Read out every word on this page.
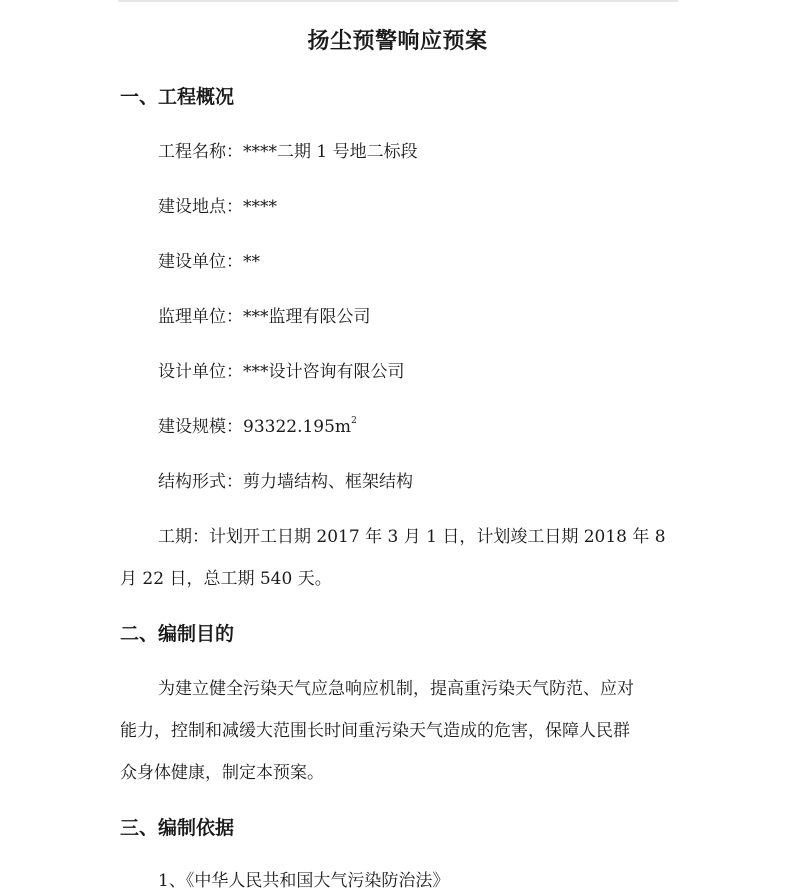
扬尘预警响应预案
一、工程概况
工程名称：****二期 1 号地二标段
建设地点：****
建设单位：**
监理单位：***监理有限公司
设计单位：***设计咨询有限公司
建设规模：$93322.195m^2$
结构形式：剪力墙结构、框架结构
工期：计划开工日期 2017 年 3 月 1 日，计划竣工日期 2018 年 8
月 22 日，总工期 540 天。
二、编制目的
为建立健全污染天气应急响应机制，提高重污染天气防范、应对
能力，控制和减缓大范围长时间重污染天气造成的危害，保障人民群
众身体健康，制定本预案。
三、编制依据
1、《中华人民共和国大气污染防治法》
